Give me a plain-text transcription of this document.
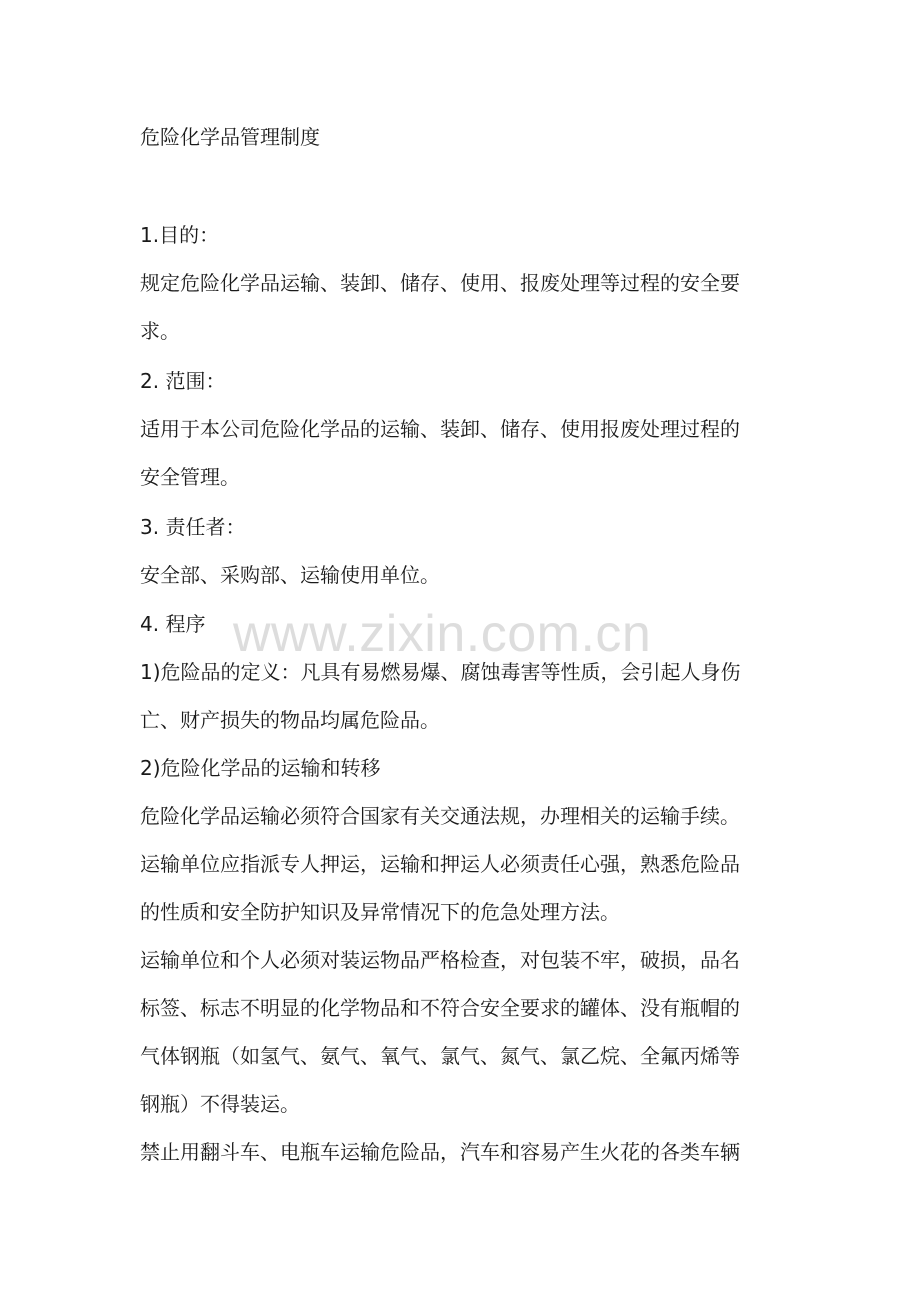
www.zixin.com.cn
危险化学品管理制度
1.目的：
规定危险化学品运输、装卸、储存、使用、报废处理等过程的安全要
求。
2. 范围：
适用于本公司危险化学品的运输、装卸、储存、使用报废处理过程的
安全管理。
3. 责任者：
安全部、采购部、运输使用单位。
4. 程序
1)危险品的定义：凡具有易燃易爆、腐蚀毒害等性质，会引起人身伤
亡、财产损失的物品均属危险品。
2)危险化学品的运输和转移
危险化学品运输必须符合国家有关交通法规，办理相关的运输手续。
运输单位应指派专人押运，运输和押运人必须责任心强，熟悉危险品
的性质和安全防护知识及异常情况下的危急处理方法。
运输单位和个人必须对装运物品严格检查，对包装不牢，破损，品名
标签、标志不明显的化学物品和不符合安全要求的罐体、没有瓶帽的
气体钢瓶（如氢气、氨气、氧气、氯气、氮气、氯乙烷、全氟丙烯等
钢瓶）不得装运。
禁止用翻斗车、电瓶车运输危险品，汽车和容易产生火花的各类车辆
